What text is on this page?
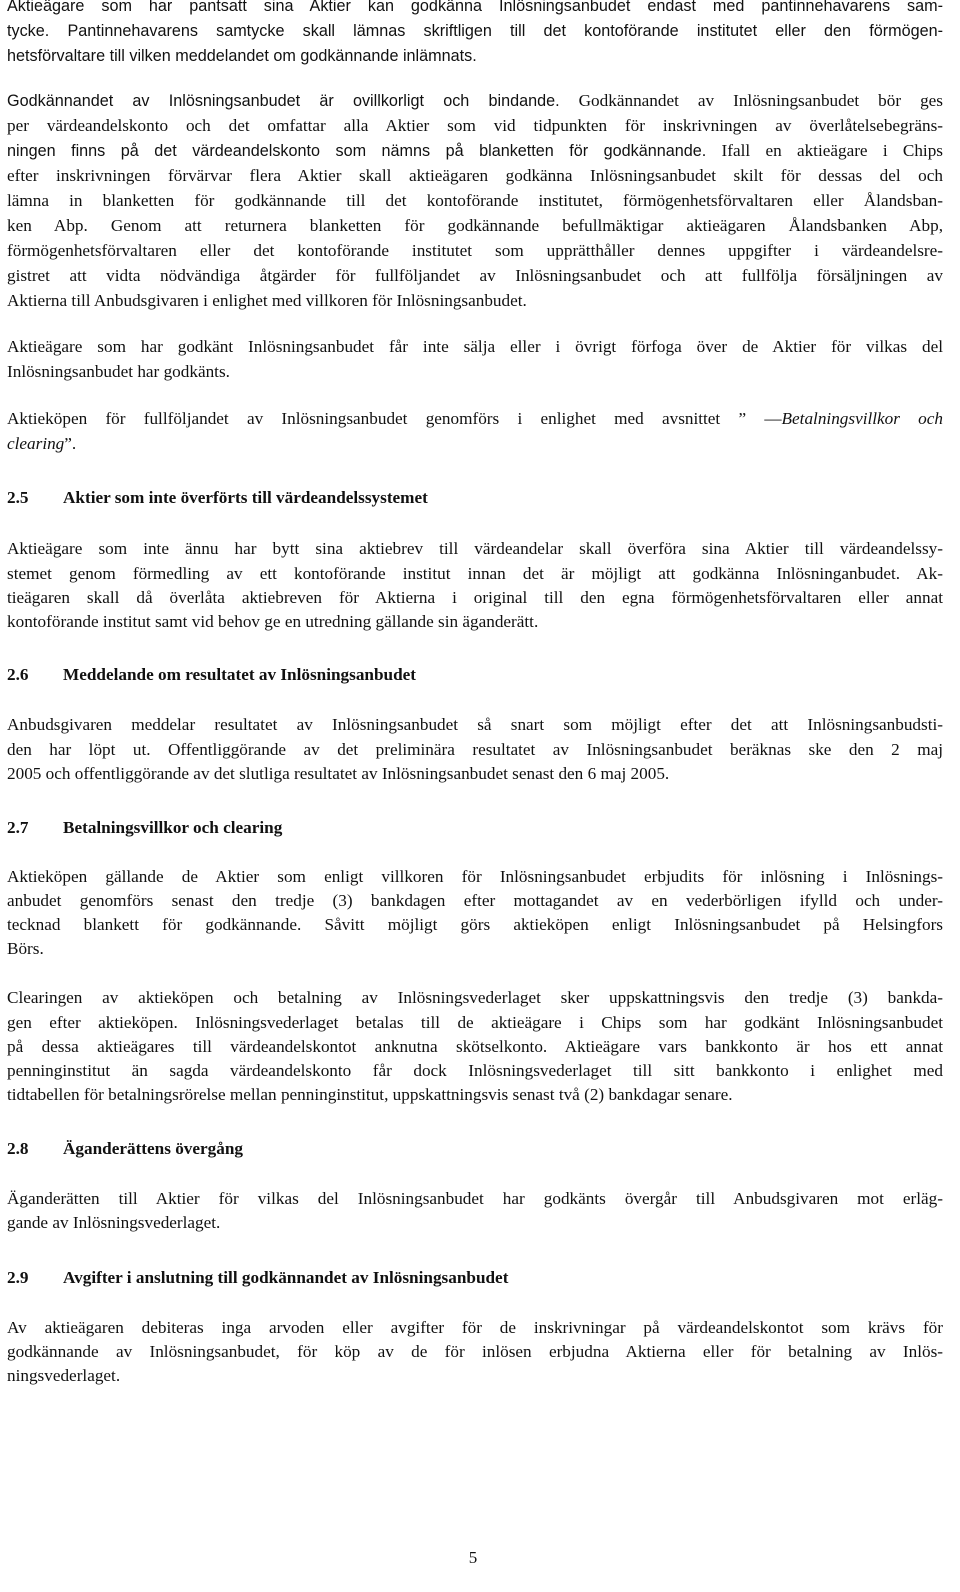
Aktieägare som har pantsatt sina Aktier kan godkänna Inlösningsanbudet endast med pantinnehavarens sam-

tycke. Pantinnehavarens samtycke skall lämnas skriftligen till det kontoförande institutet eller den förmögen-

hetsförvaltare till vilken meddelandet om godkännande inlämnats.

Godkännandet av Inlösningsanbudet är ovillkorligt och bindande. Godkännandet av Inlösningsanbudet bör ges

per värdeandelskonto och det omfattar alla Aktier som vid tidpunkten för inskrivningen av överlåtelsebegräns-

ningen finns på det värdeandelskonto som nämns på blanketten för godkännande. Ifall en aktieägare i Chips

efter inskrivningen förvärvar flera Aktier skall aktieägaren godkänna Inlösningsanbudet skilt för dessas del och

lämna in blanketten för godkännande till det kontoförande institutet, förmögenhetsförvaltaren eller Ålandsban-

ken Abp. Genom att returnera blanketten för godkännande befullmäktigar aktieägaren Ålandsbanken Abp,

förmögenhetsförvaltaren eller det kontoförande institutet som upprätthåller dennes uppgifter i värdeandelsre-

gistret att vidta nödvändiga åtgärder för fullföljandet av Inlösningsanbudet och att fullfölja försäljningen av

Aktierna till Anbudsgivaren i enlighet med villkoren för Inlösningsanbudet.

Aktieägare som har godkänt Inlösningsanbudet får inte sälja eller i övrigt förfoga över de Aktier för vilkas del

Inlösningsanbudet har godkänts.

Aktieköpen för fullföljandet av Inlösningsanbudet genomförs i enlighet med avsnittet ” —Betalningsvillkor och

clearing”.

2.5 Aktier som inte överförts till värdeandelssystemet

Aktieägare som inte ännu har bytt sina aktiebrev till värdeandelar skall överföra sina Aktier till värdeandelssy-

stemet genom förmedling av ett kontoförande institut innan det är möjligt att godkänna Inlösninganbudet. Ak-

tieägaren skall då överlåta aktiebreven för Aktierna i original till den egna förmögenhetsförvaltaren eller annat

kontoförande institut samt vid behov ge en utredning gällande sin äganderätt.

2.6 Meddelande om resultatet av Inlösningsanbudet

Anbudsgivaren meddelar resultatet av Inlösningsanbudet så snart som möjligt efter det att Inlösningsanbudsti-

den har löpt ut. Offentliggörande av det preliminära resultatet av Inlösningsanbudet beräknas ske den 2 maj

2005 och offentliggörande av det slutliga resultatet av Inlösningsanbudet senast den 6 maj 2005.

2.7 Betalningsvillkor och clearing

Aktieköpen gällande de Aktier som enligt villkoren för Inlösningsanbudet erbjudits för inlösning i Inlösnings-

anbudet genomförs senast den tredje (3) bankdagen efter mottagandet av en vederbörligen ifylld och under-

tecknad blankett för godkännande. Såvitt möjligt görs aktieköpen enligt Inlösningsanbudet på Helsingfors

Börs.

Clearingen av aktieköpen och betalning av Inlösningsvederlaget sker uppskattningsvis den tredje (3) bankda-

gen efter aktieköpen. Inlösningsvederlaget betalas till de aktieägare i Chips som har godkänt Inlösningsanbudet

på dessa aktieägares till värdeandelskontot anknutna skötselkonto. Aktieägare vars bankkonto är hos ett annat

penninginstitut än sagda värdeandelskonto får dock Inlösningsvederlaget till sitt bankkonto i enlighet med

tidtabellen för betalningsrörelse mellan penninginstitut, uppskattningsvis senast två (2) bankdagar senare.

2.8 Äganderättens övergång

Äganderätten till Aktier för vilkas del Inlösningsanbudet har godkänts övergår till Anbudsgivaren mot erläg-

gande av Inlösningsvederlaget.

2.9 Avgifter i anslutning till godkännandet av Inlösningsanbudet

Av aktieägaren debiteras inga arvoden eller avgifter för de inskrivningar på värdeandelskontot som krävs för

godkännande av Inlösningsanbudet, för köp av de för inlösen erbjudna Aktierna eller för betalning av Inlös-

ningsvederlaget.

5
